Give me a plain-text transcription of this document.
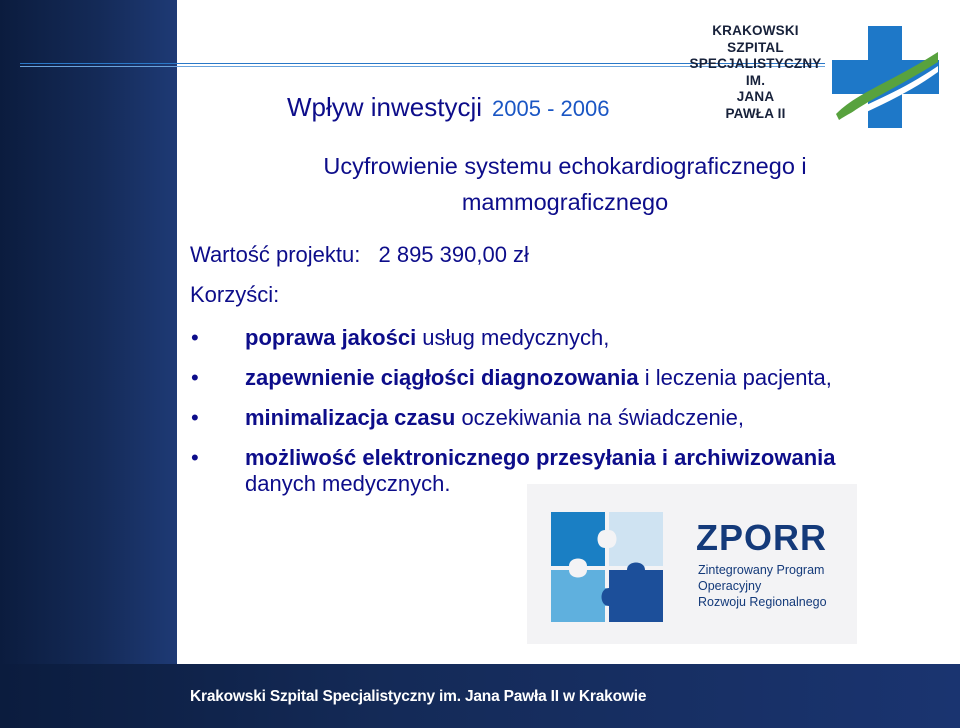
KRAKOWSKI
SZPITAL
SPECJALISTYCZNY
IM.
JANA
PAWŁA II
Wpływ inwestycji 2005 - 2006
Ucyfrowienie systemu echokardiograficznego i mammograficznego
Wartość projektu: 2 895 390,00 zł
Korzyści:
• poprawa jakości usług medycznych,
• zapewnienie ciągłości diagnozowania i leczenia pacjenta,
• minimalizacja czasu oczekiwania na świadczenie,
• możliwość elektronicznego przesyłania i archiwizowania
danych medycznych.
ZPORR
Zintegrowany Program
Operacyjny
Rozwoju Regionalnego
Krakowski Szpital Specjalistyczny im. Jana Pawła II w Krakowie
